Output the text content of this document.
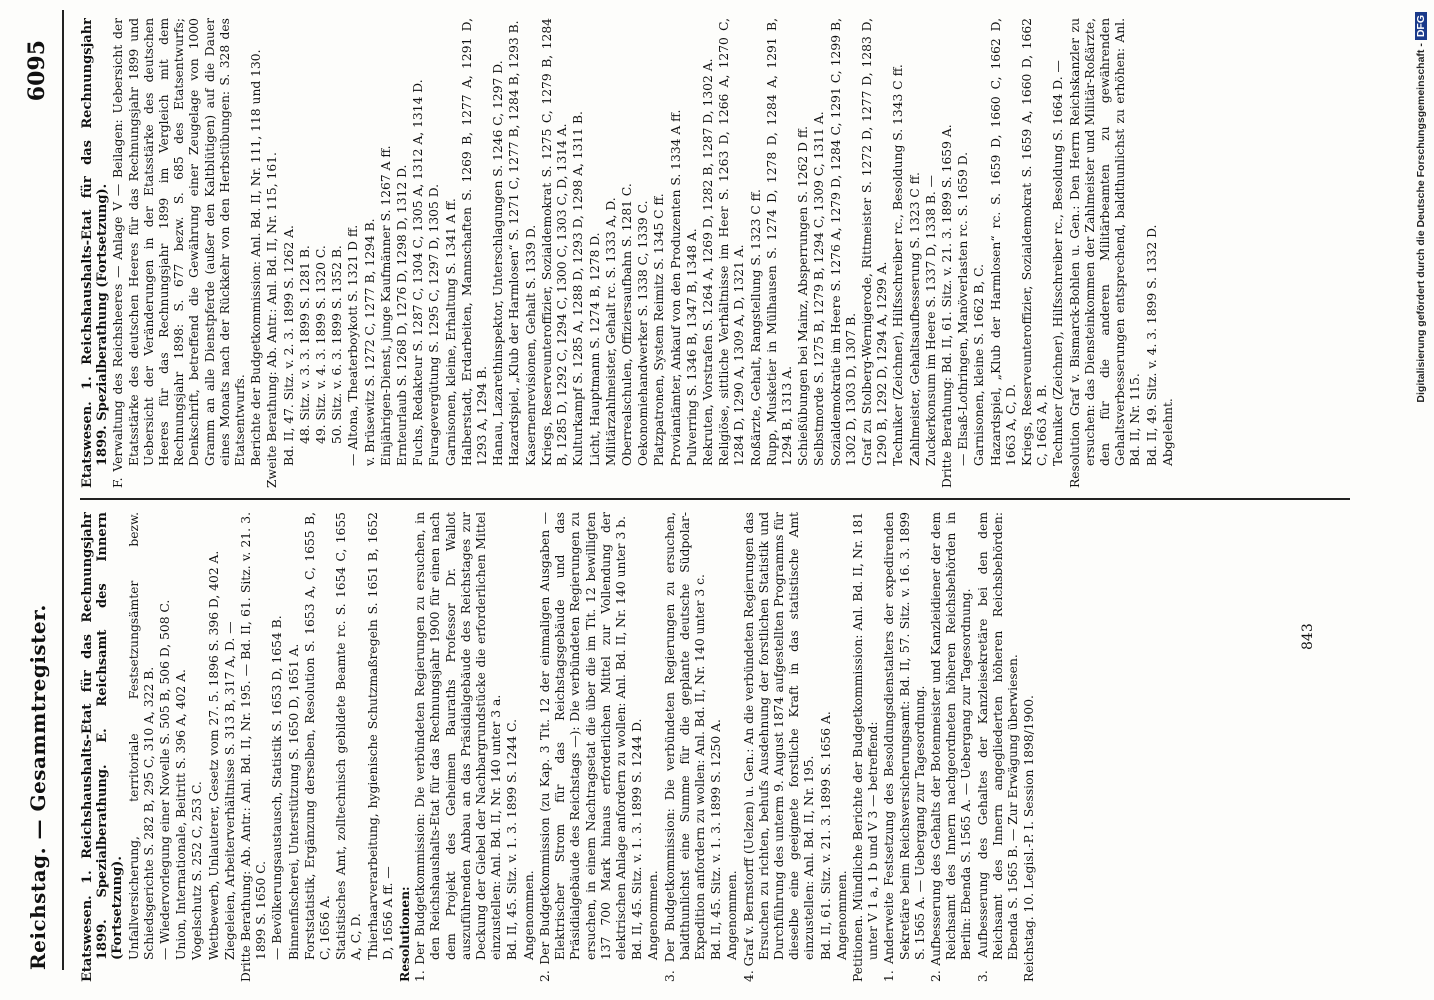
Reichstag. — Gesammtregister.
6095

Etatswesen. 1. Reichshaushalts-Etat für das Rechnungsjahr 1899. Spezialberathung. E. Reichsamt des Innern (Fortsetzung). Unfallversicherung, territoriale Festsetzungsämter bezw. Schiedsgerichte S. 282 B, 295 C, 310 A, 322 B. — Wiedervorlegung einer Novelle S. 505 B, 506 D, 508 C. Union, Internationale, Beitritt S. 396 A, 402 A. Vogelschutz S. 252 C, 253 C. Wettbewerb, Unlauterer, Gesetz vom 27. 5. 1896 S. 396 D, 402 A. Ziegeleien, Arbeiterverhältnisse S. 313 B, 317 A, D. — Dritte Berathung: Ab. Antr.: Anl. Bd. II, Nr. 195. — Bd. II, 61. Sitz. v. 21. 3. 1899 S. 1650 C. — Bevölkerungsaustausch, Statistik S. 1653 D, 1654 B. Binnenfischerei, Unterstützung S. 1650 D, 1651 A. Forststatistik, Ergänzung derselben, Resolution S. 1653 A, C, 1655 B, C, 1656 A. Statistisches Amt, zolltechnisch gebildete Beamte rc. S. 1654 C, 1655 A, C, D. Thierhaarverarbeitung, hygienische Schutzmaßregeln S. 1651 B, 1652 D, 1656 A ff. — Resolutionen: 1. Der Budgetkommission: Die verbündeten Regierungen zu ersuchen, in den Reichshaushalts-Etat für das Rechnungsjahr 1900 für einen nach dem Projekt des Geheimen Bauraths Professor Dr. Wallot auszuführenden Anbau an das Präsidialgebäude des Reichstages zur Deckung der Giebel der Nachbargrundstücke die erforderlichen Mittel einzustellen: Anl. Bd. II, Nr. 140 unter 3 a. Bd. II, 45. Sitz. v. 1. 3. 1899 S. 1244 C. Angenommen. 2. Der Budgetkommission (zu Kap. 3 Tit. 12 der einmaligen Ausgaben — Elektrischer Strom für das Reichstagsgebäude und das Präsidialgebäude des Reichstags —): Die verbündeten Regierungen zu ersuchen, in einem Nachtragsetat die über die im Tit. 12 bewilligten 137 700 Mark hinaus erforderlichen Mittel zur Vollendung der elektrischen Anlage anfordern zu wollen: Anl. Bd. II, Nr. 140 unter 3 b. Bd. II, 45. Sitz. v. 1. 3. 1899 S. 1244 D. Angenommen. 3. Der Budgetkommission: Die verbündeten Regierungen zu ersuchen, baldthunlichst eine Summe für die geplante deutsche Südpolar-Expedition anfordern zu wollen: Anl. Bd. II, Nr. 140 unter 3 c. Bd. II, 45. Sitz. v. 1. 3. 1899 S. 1250 A. Angenommen. 4. Graf v. Bernstorff (Uelzen) u. Gen.: An die verbündeten Regierungen das Ersuchen zu richten, behufs Ausdehnung der forstlichen Statistik und Durchführung des unterm 9. August 1874 aufgestellten Programms für dieselbe eine geeignete forstliche Kraft in das statistische Amt einzustellen: Anl. Bd. II, Nr. 195. Bd. II, 61. Sitz. v. 21. 3. 1899 S. 1656 A. Angenommen. Petitionen. Mündliche Berichte der Budgetkommission: Anl. Bd. II, Nr. 181 unter V 1 a, 1 b und V 3 — betreffend: 1. Anderweite Festsetzung des Besoldungsdienstalters der expedirenden Sekretäre beim Reichsversicherungsamt: Bd. II, 57. Sitz. v. 16. 3. 1899 S. 1565 A. — Uebergang zur Tagesordnung. 2. Aufbesserung des Gehalts der Botenmeister und Kanzleidiener der dem Reichsamt des Innern nachgeordneten höheren Reichsbehörden in Berlin: Ebenda S. 1565 A. — Uebergang zur Tagesordnung. 3. Aufbesserung des Gehaltes der Kanzleisekretäre bei den dem Reichsamt des Innern angegliederten höheren Reichsbehörden: Ebenda S. 1565 B. — Zur Erwägung überwiesen. Reichstag. 10. Legisl.-P. I. Session 1898/1900.

Etatswesen. 1. Reichshaushalts-Etat für das Rechnungsjahr 1899. Spezialberathung (Fortsetzung). F. Verwaltung des Reichsheeres — Anlage V — Beilagen: Uebersicht der Etatsstärke des deutschen Heeres für das Rechnungsjahr 1899 und Uebersicht der Veränderungen in der Etatsstärke des deutschen Heeres für das Rechnungsjahr 1899 im Vergleich mit dem Rechnungsjahr 1898: S. 677 bezw. S. 685 des Etatsentwurfs; Denkschrift, betreffend die Gewährung einer Zeugelage von 1000 Gramm an alle Dienstpferde (außer den Kaltblütigen) auf die Dauer eines Monats nach der Rückkehr von den Herbstübungen: S. 328 des Etatsentwurfs. Berichte der Budgetkommission: Anl. Bd. II, Nr. 111, 118 und 130. Zweite Berathung: Ab. Antr.: Anl. Bd. II, Nr. 115, 161. Bd. II, 47. Sitz. v. 2. 3. 1899 S. 1262 A. 48. Sitz. v. 3. 3. 1899 S. 1281 B. 49. Sitz. v. 4. 3. 1899 S. 1320 C. 50. Sitz. v. 6. 3. 1899 S. 1352 B. — Altona, Theaterboykott S. 1321 D ff. v. Brüsewitz S. 1272 C, 1277 B, 1294 B. Einjährigen-Dienst, junge Kaufmänner S. 1267 A ff. Ernteurlaub S. 1268 D, 1276 D, 1298 D, 1312 D. Fuchs, Redakteur S. 1287 C, 1304 C, 1305 A, 1312 A, 1314 D. Furagevergütung S. 1295 C, 1297 D, 1305 D. Garnisonen, kleine, Erhaltung S. 1341 A ff. Halberstadt, Erdarbeiten, Mannschaften S. 1269 B, 1277 A, 1291 D, 1293 A, 1294 B. Hanau, Lazarethinspektor, Unterschlagungen S. 1246 C, 1297 D. Hazardspiel, „Klub der Harmlosen“ S. 1271 C, 1277 B, 1284 B, 1293 B. Kasernenrevisionen, Gehalt S. 1339 D. Kriegs, Reserveunteroffizier, Sozialdemokrat S. 1275 C, 1279 B, 1284 B, 1285 D, 1292 C, 1294 C, 1300 C, 1303 C, D, 1314 A. Kulturkampf S. 1285 A, 1288 D, 1293 D, 1298 A, 1311 B. Licht, Hauptmann S. 1274 B, 1278 D. Militärzahlmeister, Gehalt rc. S. 1333 A, D. Oberrealschulen, Offiziersaufbahn S. 1281 C. Oekonomiehandwerker S. 1338 C, 1339 C. Platzpatronen, System Reimitz S. 1345 C ff. Proviantämter, Ankauf von den Produzenten S. 1334 A ff. Pulverring S. 1346 B, 1347 B, 1348 A. Rekruten, Vorstrafen S. 1264 A, 1269 D, 1282 B, 1287 D, 1302 A. Religiöse, sittliche Verhältnisse im Heer S. 1263 D, 1266 A, 1270 C, 1284 D, 1290 A, 1309 A, D, 1321 A. Roßärzte, Gehalt, Rangstellung S. 1323 C ff. Rupp, Musketier in Mülhausen S. 1274 D, 1278 D, 1284 A, 1291 B, 1294 B, 1313 A. Schießübungen bei Mainz, Absperrungen S. 1262 D ff. Selbstmorde S. 1275 B, 1279 B, 1294 C, 1309 C, 1311 A. Sozialdemokratie im Heere S. 1276 A, 1279 D, 1284 C, 1291 C, 1299 B, 1302 D, 1303 D, 1307 B. Graf zu Stolberg-Wernigerode, Rittmeister S. 1272 D, 1277 D, 1283 D, 1290 B, 1292 D, 1294 A, 1299 A. Techniker (Zeichner), Hilfsschreiber rc., Besoldung S. 1343 C ff. Zahlmeister, Gehaltsaufbesserung S. 1323 C ff. Zuckerkonsum im Heere S. 1337 D, 1338 B. — Dritte Berathung: Bd. II, 61. Sitz. v. 21. 3. 1899 S. 1659 A. — Elsaß-Lothringen, Manöverlasten rc. S. 1659 D. Garnisonen, kleine S. 1662 B, C. Hazardspiel, „Klub der Harmlosen“ rc. S. 1659 D, 1660 C, 1662 D, 1663 A, C, D. Kriegs, Reserveunteroffizier, Sozialdemokrat S. 1659 A, 1660 D, 1662 C, 1663 A, B. Techniker (Zeichner), Hilfsschreiber rc., Besoldung S. 1664 D. — Resolution Graf v. Bismarck-Bohlen u. Gen.: Den Herrn Reichskanzler zu ersuchen: das Diensteinkommen der Zahlmeister und Militär-Roßärzte, den für die anderen Militärbeamten zu gewährenden Gehaltsverbesserungen entsprechend, baldthunlichst zu erhöhen: Anl. Bd. II, Nr. 115. Bd. II, 49. Sitz. v. 4. 3. 1899 S. 1332 D. Abgelehnt.

843
Digitalisierung gefördert durch die Deutsche Forschungsgemeinschaft -DFG
